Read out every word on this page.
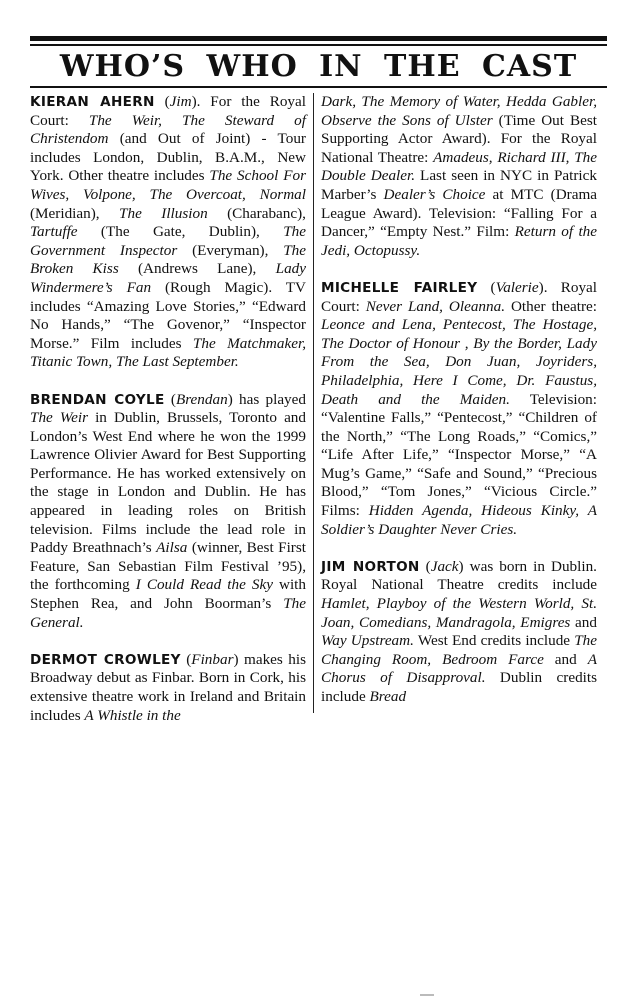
WHO’S WHO IN THE CAST

KIERAN AHERN (Jim). For the Royal Court: The Weir, The Steward of Christendom (and Out of Joint) - Tour includes London, Dublin, B.A.M., New York. Other theatre includes The School For Wives, Volpone, The Overcoat, Normal (Meridian), The Illusion (Charabanc), Tartuffe (The Gate, Dublin), The Government Inspector (Everyman), The Broken Kiss (Andrews Lane), Lady Windermere’s Fan (Rough Magic). TV includes “Amazing Love Stories,” “Edward No Hands,” “The Govenor,” “Inspector Morse.” Film includes The Matchmaker, Titanic Town, The Last September.

BRENDAN COYLE (Brendan) has played The Weir in Dublin, Brussels, Toronto and London’s West End where he won the 1999 Lawrence Olivier Award for Best Supporting Performance. He has worked extensively on the stage in London and Dublin. He has appeared in leading roles on British television. Films include the lead role in Paddy Breathnach’s Ailsa (winner, Best First Feature, San Sebastian Film Festival ’95), the forthcoming I Could Read the Sky with Stephen Rea, and John Boorman’s The General.

DERMOT CROWLEY (Finbar) makes his Broadway debut as Finbar. Born in Cork, his extensive theatre work in Ireland and Britain includes A Whistle in the

Dark, The Memory of Water, Hedda Gabler, Observe the Sons of Ulster (Time Out Best Supporting Actor Award). For the Royal National Theatre: Amadeus, Richard III, The Double Dealer. Last seen in NYC in Patrick Marber’s Dealer’s Choice at MTC (Drama League Award). Television: “Falling For a Dancer,” “Empty Nest.” Film: Return of the Jedi, Octopussy.

MICHELLE FAIRLEY (Valerie). Royal Court: Never Land, Oleanna. Other theatre: Leonce and Lena, Pentecost, The Hostage, The Doctor of Honour , By the Border, Lady From the Sea, Don Juan, Joyriders, Philadelphia, Here I Come, Dr. Faustus, Death and the Maiden. Television: “Valentine Falls,” “Pentecost,” “Children of the North,” “The Long Roads,” “Comics,” “Life After Life,” “Inspector Morse,” “A Mug’s Game,” “Safe and Sound,” “Precious Blood,” “Tom Jones,” “Vicious Circle.” Films: Hidden Agenda, Hideous Kinky, A Soldier’s Daughter Never Cries.

JIM NORTON (Jack) was born in Dublin. Royal National Theatre credits include Hamlet, Playboy of the Western World, St. Joan, Comedians, Mandragola, Emigres and Way Upstream. West End credits include The Changing Room, Bedroom Farce and A Chorus of Disapproval. Dublin credits include Bread
